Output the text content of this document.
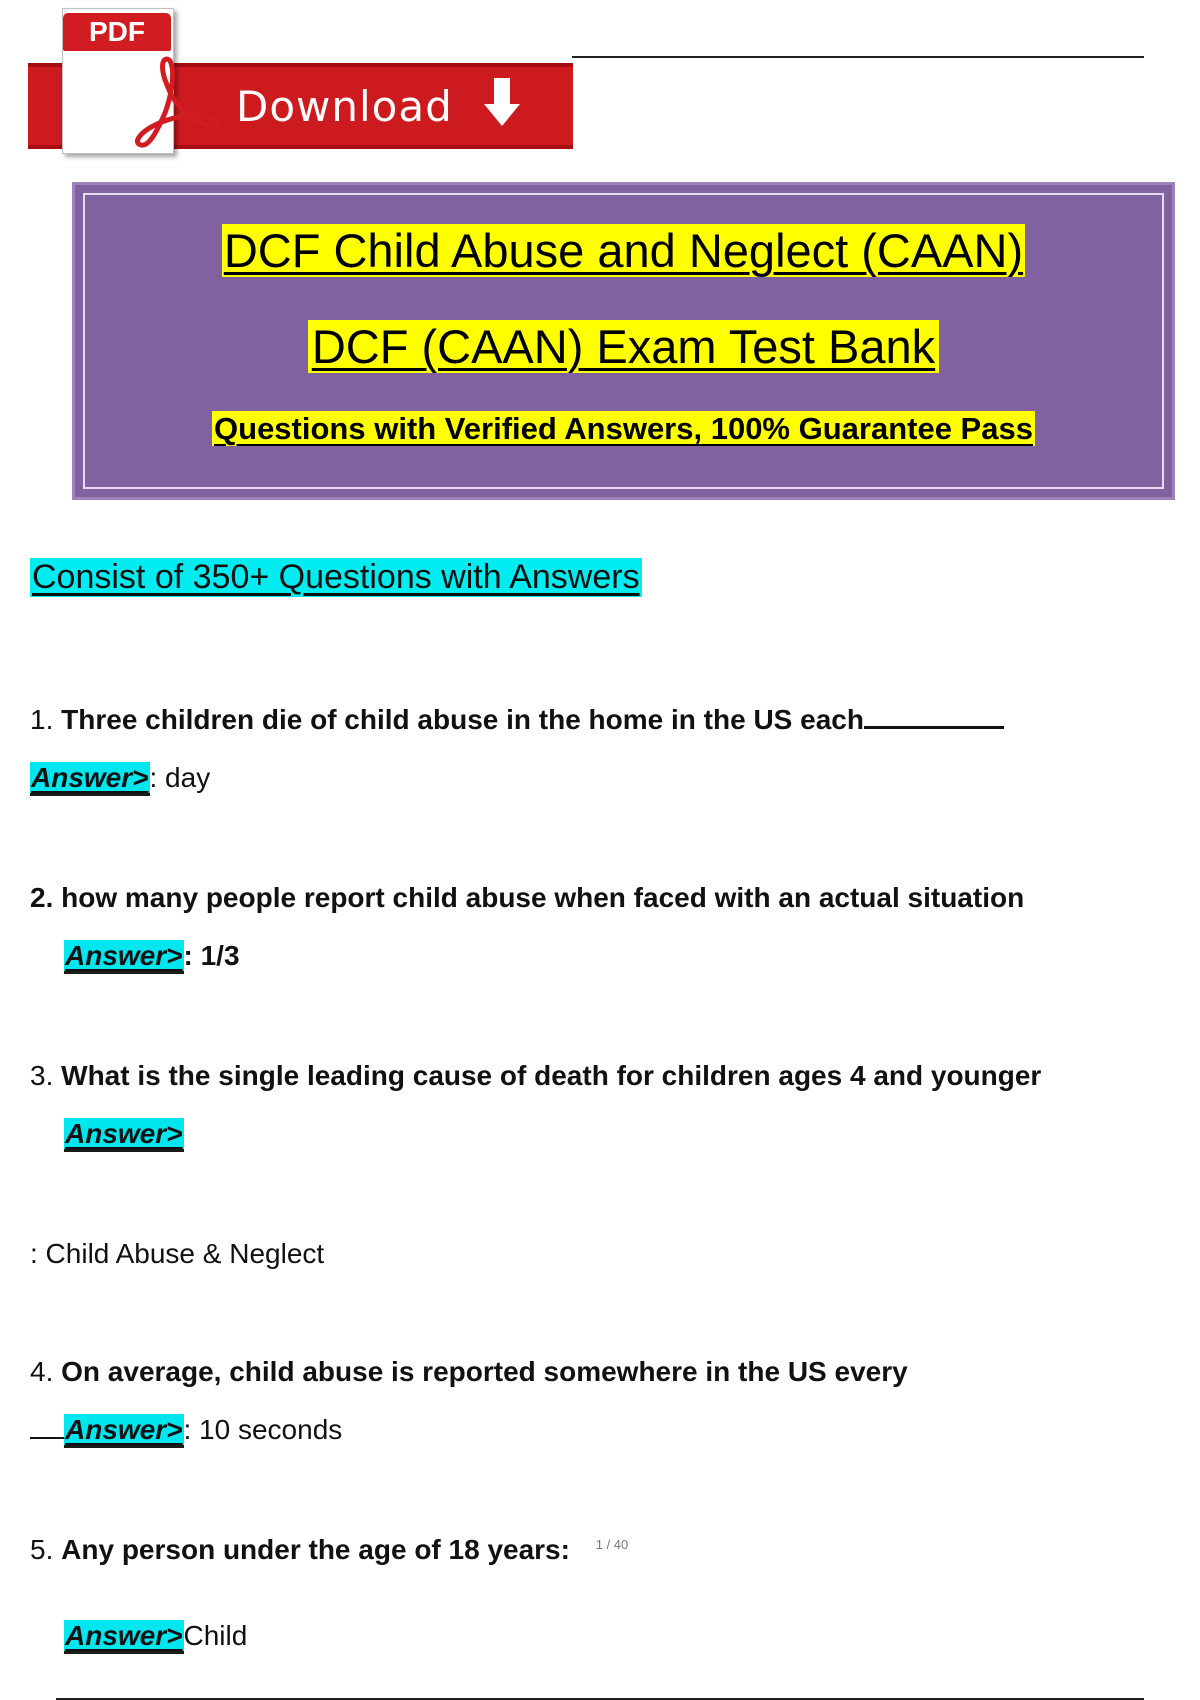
Download
PDF
DCF Child Abuse and Neglect (CAAN)
DCF (CAAN) Exam Test Bank
Questions with Verified Answers, 100% Guarantee Pass
Consist of 350+ Questions with Answers
1. Three children die of child abuse in the home in the US each
Answer>: day
2. how many people report child abuse when faced with an actual situation
Answer>: 1/3
3. What is the single leading cause of death for children ages 4 and younger
Answer>
: Child Abuse & Neglect
4. On average, child abuse is reported somewhere in the US every
Answer>: 10 seconds
5. Any person under the age of 18 years: $^{1 / 40}$
Answer>Child
